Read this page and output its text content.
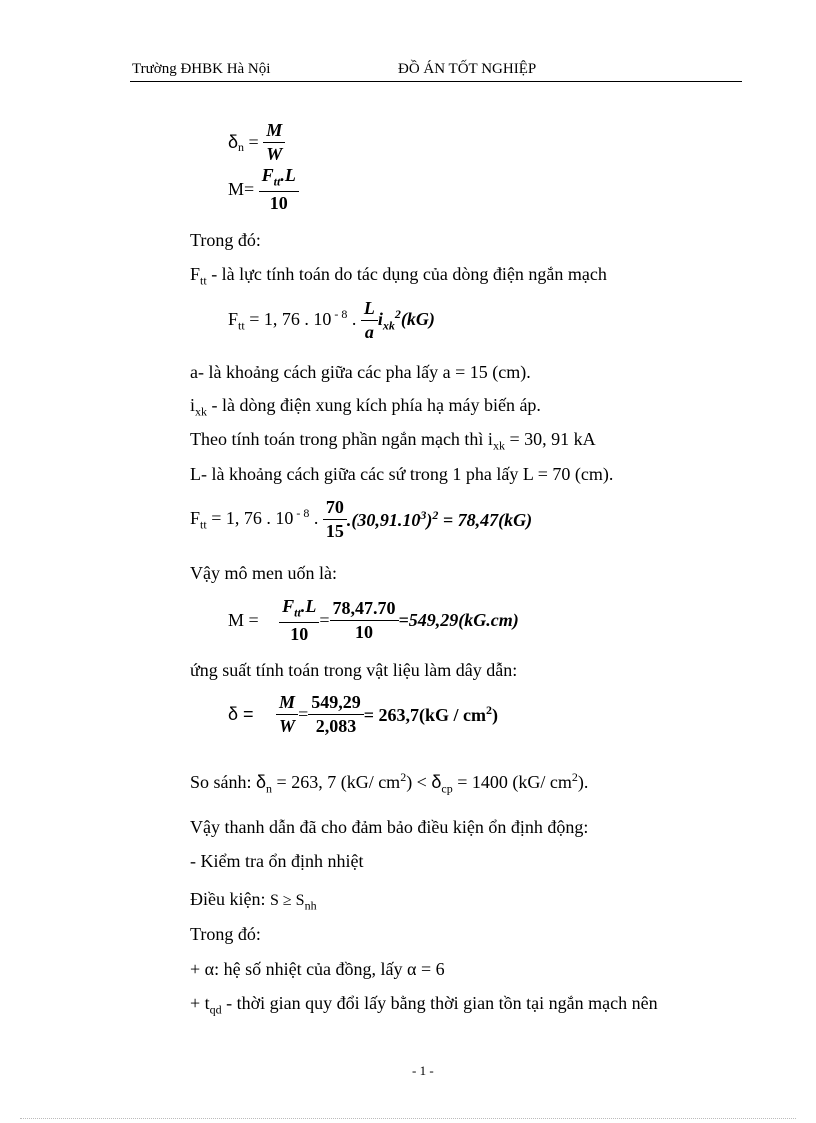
Trường ĐHBK Hà Nội	ĐỒ ÁN TỐT NGHIỆP
$\delta_n = \frac{M}{W}$
$M= \frac{F_{tt}.L}{10}$
Trong đó:
$F_{tt}$ - là lực tính toán do tác dụng của dòng điện ngắn mạch
$F_{tt} = 1$, 76 . 10 $^{- 8}$ . $\frac{L}{a} i_{xk}^2(kG)$
a- là khoảng cách giữa các pha lấy a = 15 (cm).
$i_{xk}$ - là dòng điện xung kích phía hạ máy biến áp.
Theo tính toán trong phần ngắn mạch thì $i_{xk} = 30$, 91 kA
L- là khoảng cách giữa các sứ trong 1 pha lấy L = 70 (cm).
$F_{tt} = 1$, 76 . 10 $^{- 8}$ . $\frac{70}{15} .(30,91.10^3)^2 = 78,47(kG)$
Vậy mô men uốn là:
$M = \frac{F_{tt}.L}{10} = \frac{78,47.70}{10} =549,29(kG.cm)$
ứng suất tính toán trong vật liệu làm dây dẫn:
$\delta = \frac{M}{W} = \frac{549,29}{2,083} = 263,7(kG / cm^2)$
So sánh: $\delta_n = 263$, 7 (kG/ $cm^2) < \delta_{cp} = 1400$ (kG/ $cm^2$).
Vậy thanh dẫn đã cho đảm bảo điều kiện ổn định động:
- Kiểm tra ổn định nhiệt
Điều kiện: $S \ge S_{nh}$
Trong đó:
+ α: hệ số nhiệt của đồng, lấy α = 6
+ $t_{qd}$ - thời gian quy đổi lấy bằng thời gian tồn tại ngắn mạch nên
- 1 -
